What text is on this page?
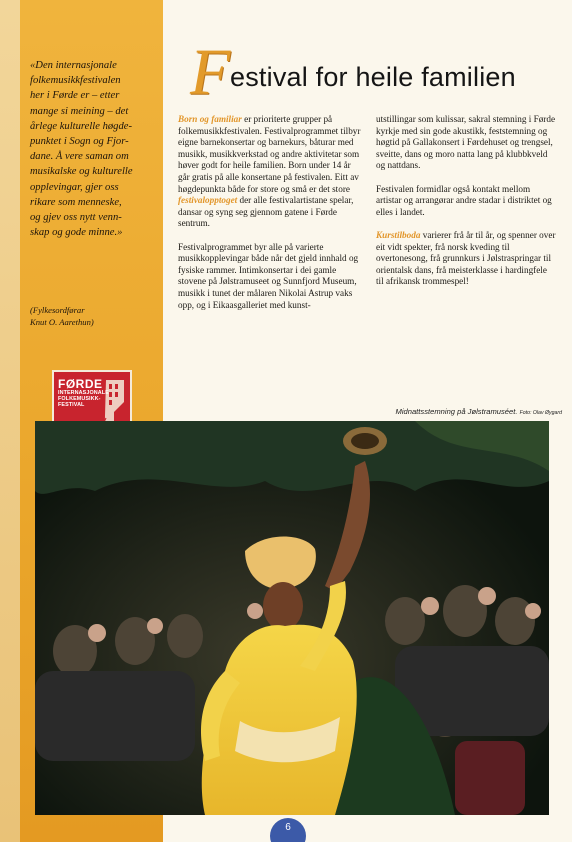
«Den internasjonale
folkemusikkfestivalen
her i Førde er – etter
mange si meining – det
årlege kulturelle høgde-
punktet i Sogn og Fjor-
dane. Å vere saman om
musikalske og kulturelle
opplevingar, gjer oss
rikare som menneske,
og gjev oss nytt venn-
skap og gode minne.»
(Fylkesordførar
Knut O. Aarethun)
FØRDE
INTERNASJONALE
FOLKEMUSIKK-
FESTIVAL
F estival for heile familien

Born og familiar er prioriterte grupper på folkemusikkfestivalen. Festivalprogrammet tilbyr eigne barnekonsertar og barnekurs, båturar med musikk, musikkverkstad og andre aktivitetar som høver godt for heile familien. Born under 14 år går gratis på alle konsertane på festivalen. Eitt av høgdepunkta både for store og små er det store festivalopptoget der alle festivalartistane spelar, dansar og syng seg gjennom gatene i Førde sentrum.

Festivalprogrammet byr alle på varierte musikkopplevingar både når det gjeld innhald og fysiske rammer. Intimkonsertar i dei gamle stovene på Jølstramuseet og Sunnfjord Museum, musikk i tunet der målaren Nikolai Astrup vaks opp, og i Eikaasgalleriet med kunst-

utstillingar som kulissar, sakral stemning i Førde kyrkje med sin gode akustikk, feststemning og høgtid på Gallakonsert i Førdehuset og trengsel, sveitte, dans og moro natta lang på klubbkveld og nattdans.

Festivalen formidlar også kontakt mellom artistar og arrangørar andre stadar i distriktet og elles i landet.

Kurstilboda varierer frå år til år, og spenner over eit vidt spekter, frå norsk kveding til overtonesong, frå grunnkurs i Jølstraspringar til orientalsk dans, frå meisterklasse i hardingfele til afrikansk trommespel!

Midnattsstemning på Jølstramuséet. Foto: Olav Øygard
6
